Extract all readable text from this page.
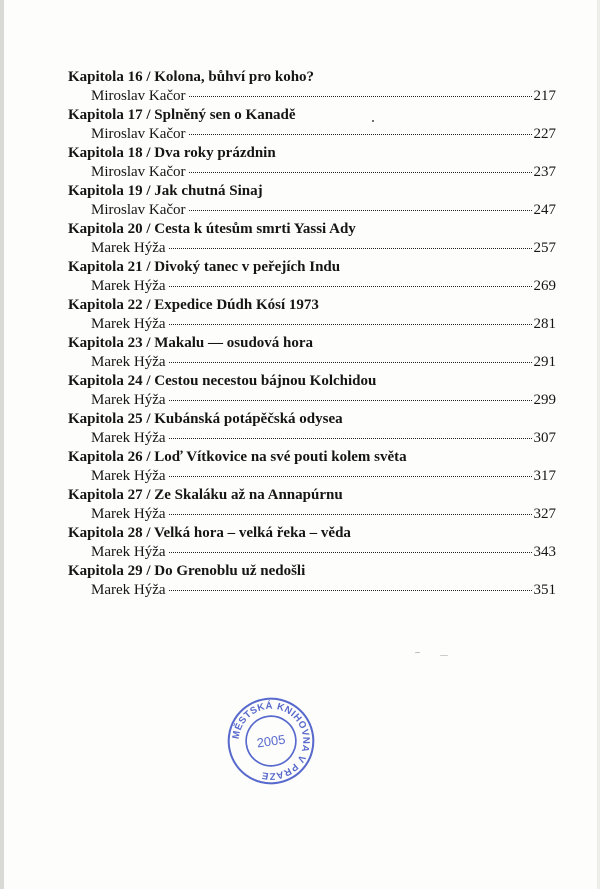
Kapitola 16 / Kolona, bůhví pro koho?
Miroslav Kačor	217
Kapitola 17 / Splněný sen o Kanadě
Miroslav Kačor	227
Kapitola 18 / Dva roky prázdnin
Miroslav Kačor	237
Kapitola 19 / Jak chutná Sinaj
Miroslav Kačor	247
Kapitola 20 / Cesta k útesům smrti Yassi Ady
Marek Hýža	257
Kapitola 21 / Divoký tanec v peřejích Indu
Marek Hýža	269
Kapitola 22 / Expedice Dúdh Kósí 1973
Marek Hýža	281
Kapitola 23 / Makalu — osudová hora
Marek Hýža	291
Kapitola 24 / Cestou necestou bájnou Kolchidou
Marek Hýža	299
Kapitola 25 / Kubánská potápěčská odysea
Marek Hýža	307
Kapitola 26 / Loď Vítkovice na své pouti kolem světa
Marek Hýža	317
Kapitola 27 / Ze Skaláku až na Annapúrnu
Marek Hýža	327
Kapitola 28 / Velká hora – velká řeka – věda
Marek Hýža	343
Kapitola 29 / Do Grenoblu už nedošli
Marek Hýža	351
MĚSTSKÁ KNIHOVNA V PRAZE
2005
